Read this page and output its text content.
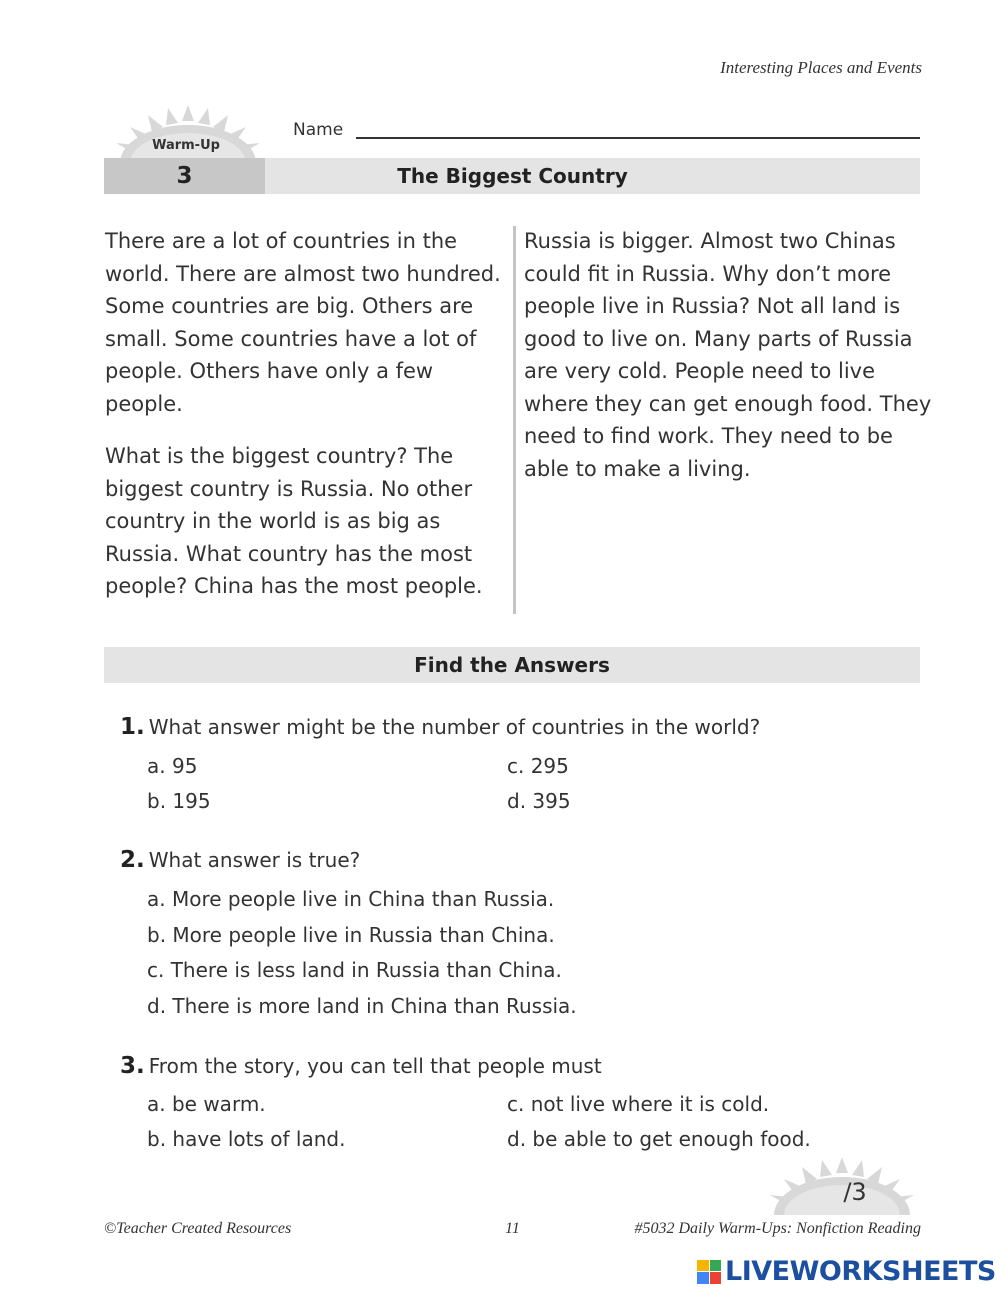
Interesting Places and Events
Warm-Up
Name
3	The Biggest Country

There are a lot of countries in the world. There are almost two hundred. Some countries are big. Others are small. Some countries have a lot of people. Others have only a few people.

What is the biggest country? The biggest country is Russia. No other country in the world is as big as Russia. What country has the most people? China has the most people.

Russia is bigger. Almost two Chinas could fit in Russia. Why don’t more people live in Russia? Not all land is good to live on. Many parts of Russia are very cold. People need to live where they can get enough food. They need to find work. They need to be able to make a living.

Find the Answers
1. What answer might be the number of countries in the world?
a. 95
b. 195
c. 295
d. 395
2. What answer is true?
a. More people live in China than Russia.
b. More people live in Russia than China.
c. There is less land in Russia than China.
d. There is more land in China than Russia.
3. From the story, you can tell that people must
a. be warm.
b. have lots of land.
c. not live where it is cold.
d. be able to get enough food.
/3
©Teacher Created Resources	11	#5032 Daily Warm-Ups: Nonfiction Reading
LIVEWORKSHEETS
